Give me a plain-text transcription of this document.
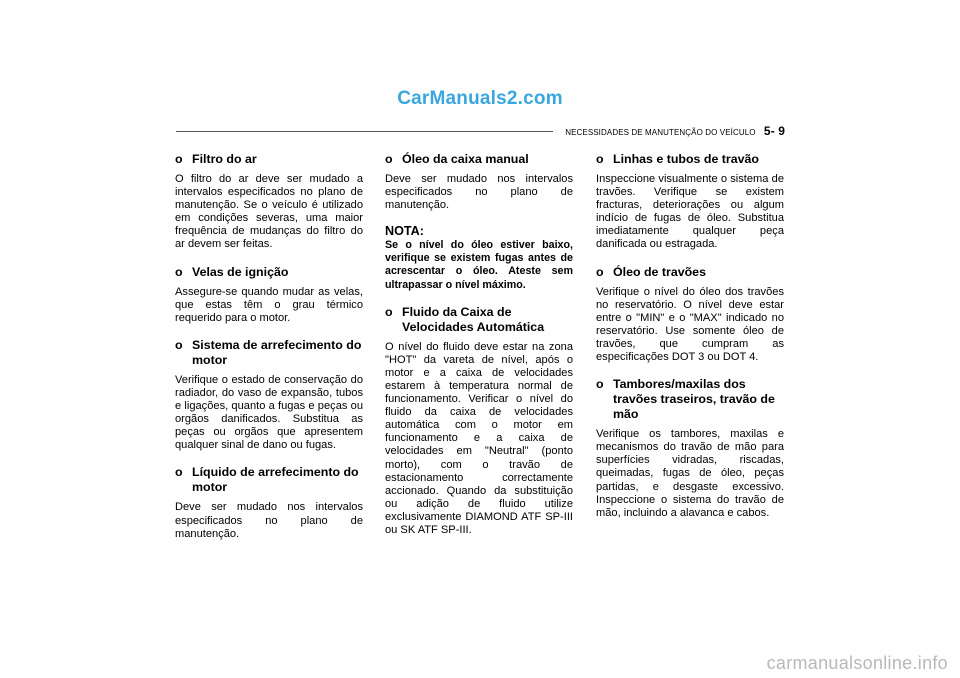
CarManuals2.com
NECESSIDADES DE MANUTENÇÃO DO VEÍCULO 5- 9
o Filtro do ar

O filtro do ar deve ser mudado a intervalos especificados no plano de manutenção. Se o veículo é utilizado em condições severas, uma maior frequência de mudanças do filtro do ar devem ser feitas.

o Velas de ignição

Assegure-se quando mudar as velas, que estas têm o grau térmico requerido para o motor.

o Sistema de arrefecimento do motor

Verifique o estado de conservação do radiador, do vaso de expansão, tubos e ligações, quanto a fugas e peças ou orgãos danificados. Substitua as peças ou orgãos que apresentem qualquer sinal de dano ou fugas.

o Líquido de arrefecimento do motor

Deve ser mudado nos intervalos especificados no plano de manutenção.

o Óleo da caixa manual

Deve ser mudado nos intervalos especificados no plano de manutenção.

NOTA:

Se o nível do óleo estiver baixo, verifique se existem fugas antes de acrescentar o óleo. Ateste sem ultrapassar o nível máximo.

o Fluido da Caixa de Velocidades Automática

O nível do fluido deve estar na zona "HOT" da vareta de nível, após o motor e a caixa de velocidades estarem à temperatura normal de funcionamento. Verificar o nível do fluido da caixa de velocidades automática com o motor em funcionamento e a caixa de velocidades em "Neutral" (ponto morto), com o travão de estacionamento correctamente accionado. Quando da substituição ou adição de fluido utilize exclusivamente DIAMOND ATF SP-III ou SK ATF SP-III.

o Linhas e tubos de travão

Inspeccione visualmente o sistema de travões. Verifique se existem fracturas, deteriorações ou algum indício de fugas de óleo. Substitua imediatamente qualquer peça danificada ou estragada.

o Óleo de travões

Verifique o nível do óleo dos travões no reservatório. O nível deve estar entre o "MIN" e o "MAX" indicado no reservatório. Use somente óleo de travões, que cumpram as especificações DOT 3 ou DOT 4.

o Tambores/maxilas dos travões traseiros, travão de mão

Verifique os tambores, maxilas e mecanismos do travão de mão para superfícies vidradas, riscadas, queimadas, fugas de óleo, peças partidas, e desgaste excessivo. Inspeccione o sistema do travão de mão, incluindo a alavanca e cabos.

carmanualsonline.info
